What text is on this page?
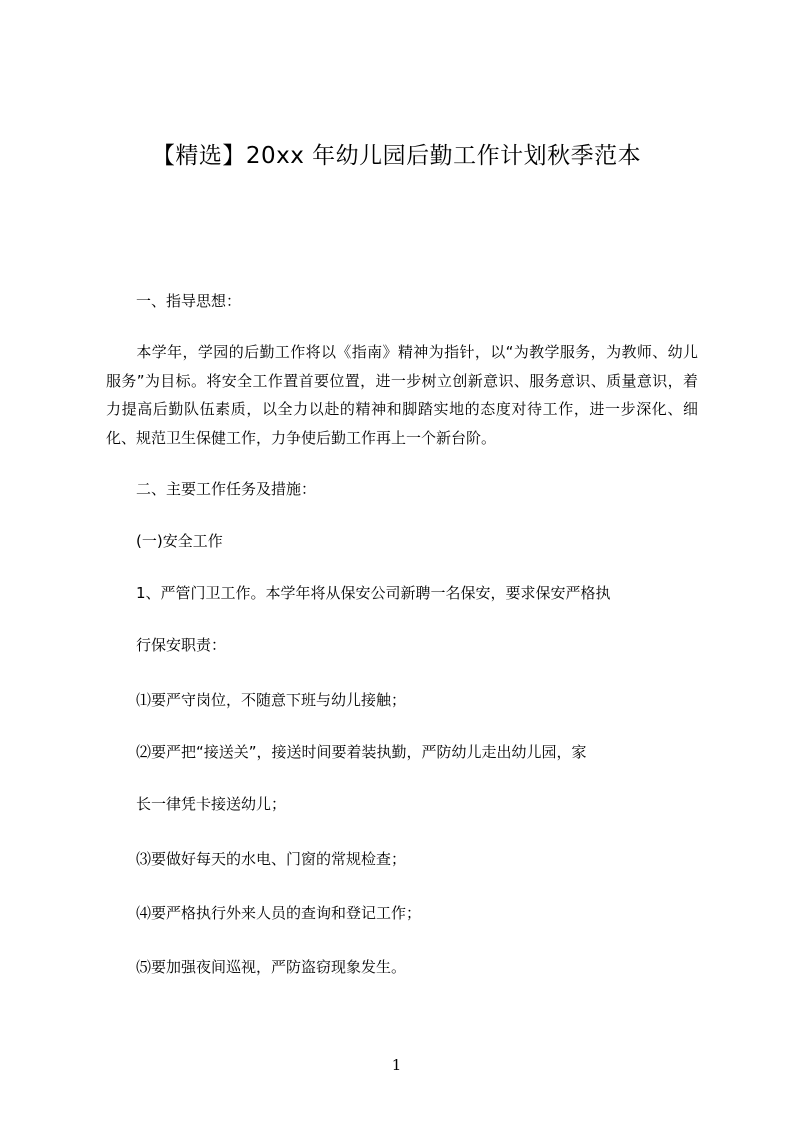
【精选】20xx 年幼儿园后勤工作计划秋季范本
一、指导思想：
本学年，学园的后勤工作将以《指南》精神为指针，以“为教学服务，为教师、幼儿服务”为目标。将安全工作置首要位置，进一步树立创新意识、服务意识、质量意识，着力提高后勤队伍素质，以全力以赴的精神和脚踏实地的态度对待工作，进一步深化、细化、规范卫生保健工作，力争使后勤工作再上一个新台阶。
二、主要工作任务及措施：
(一)安全工作
1、严管门卫工作。本学年将从保安公司新聘一名保安，要求保安严格执
行保安职责：
⑴要严守岗位，不随意下班与幼儿接触；
⑵要严把“接送关”，接送时间要着装执勤，严防幼儿走出幼儿园，家
长一律凭卡接送幼儿；
⑶要做好每天的水电、门窗的常规检查；
⑷要严格执行外来人员的查询和登记工作；
⑸要加强夜间巡视，严防盗窃现象发生。
1
